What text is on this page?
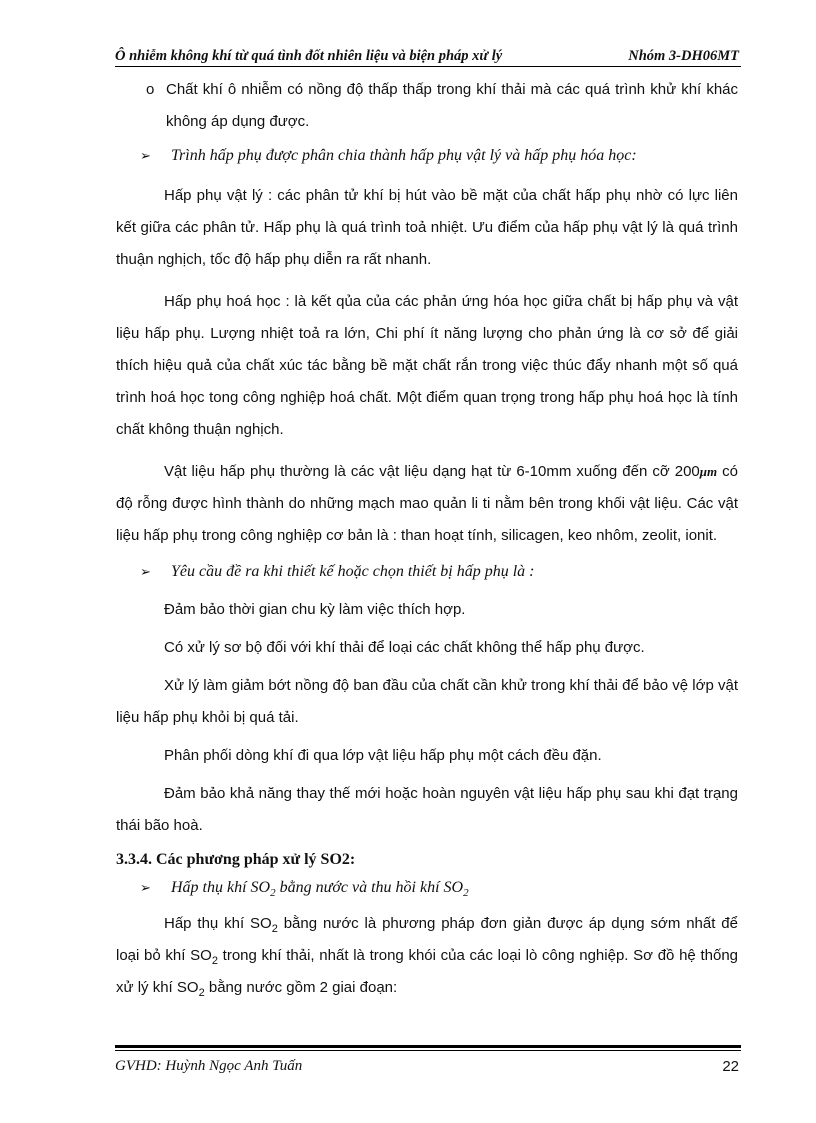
Ô nhiễm không khí từ quá tình đốt nhiên liệu và biện pháp xử lý	Nhóm 3-DH06MT

o Chất khí ô nhiễm có nồng độ thấp thấp trong khí thải mà các quá trình khử khí khác không áp dụng được.

➢ Trình hấp phụ được phân chia thành hấp phụ vật lý và hấp phụ hóa học:

Hấp phụ vật lý : các phân tử khí bị hút vào bề mặt của chất hấp phụ nhờ có lực liên kết giữa các phân tử. Hấp phụ là quá trình toả nhiệt. Ưu điểm của hấp phụ vật lý là quá trình thuận nghịch, tốc độ hấp phụ diễn ra rất nhanh.

Hấp phụ hoá học : là kết qủa của các phản ứng hóa học giữa chất bị hấp phụ và vật liệu hấp phụ. Lượng nhiệt toả ra lớn, Chi phí ít năng lượng cho phản ứng là cơ sở để giải thích hiệu quả của chất xúc tác bằng bề mặt chất rắn trong việc thúc đẩy nhanh một số quá trình hoá học tong công nghiệp hoá chất. Một điểm quan trọng trong hấp phụ hoá học là tính chất không thuận nghịch.

Vật liệu hấp phụ thường là các vật liệu dạng hạt từ 6-10mm xuống đến cỡ 200μm có độ rỗng được hình thành do những mạch mao quản li ti nằm bên trong khối vật liệu. Các vật liệu hấp phụ trong công nghiệp cơ bản là : than hoạt tính, silicagen, keo nhôm, zeolit, ionit.

➢ Yêu cầu đề ra khi thiết kế hoặc chọn thiết bị hấp phụ là :

Đảm bảo thời gian chu kỳ làm việc thích hợp.

Có xử lý sơ bộ đối với khí thải để loại các chất không thể hấp phụ được.

Xử lý làm giảm bớt nồng độ ban đầu của chất cần khử trong khí thải để bảo vệ lớp vật liệu hấp phụ khỏi bị quá tải.

Phân phối dòng khí đi qua lớp vật liệu hấp phụ một cách đều đặn.

Đảm bảo khả năng thay thế mới hoặc hoàn nguyên vật liệu hấp phụ sau khi đạt trạng thái bão hoà.

3.3.4. Các phương pháp xử lý SO2:

➢ Hấp thụ khí $SO_2$ bằng nước và thu hồi khí $SO_2$

Hấp thụ khí $SO_2$ bằng nước là phương pháp đơn giản được áp dụng sớm nhất để loại bỏ khí $SO_2$ trong khí thải, nhất là trong khói của các loại lò công nghiệp. Sơ đồ hệ thống xử lý khí $SO_2$ bằng nước gồm 2 giai đoạn:

GVHD: Huỳnh Ngọc Anh Tuấn	22
